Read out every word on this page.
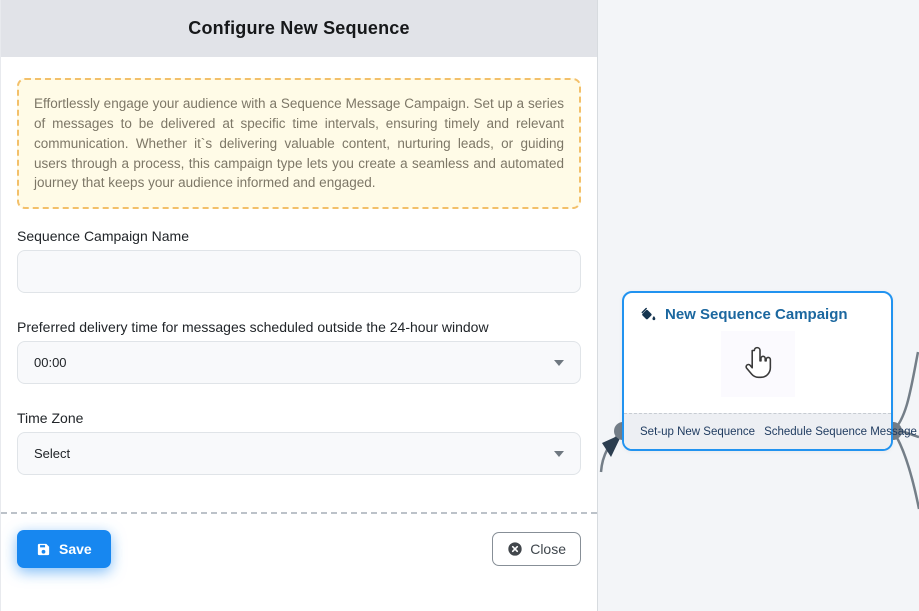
Configure New Sequence
Effortlessly engage your audience with a Sequence Message Campaign. Set up a series of messages to be delivered at specific time intervals, ensuring timely and relevant communication. Whether it`s delivering valuable content, nurturing leads, or guiding users through a process, this campaign type lets you create a seamless and automated journey that keeps your audience informed and engaged.
Sequence Campaign Name
Preferred delivery time for messages scheduled outside the 24-hour window
00:00
Time Zone
Select
Save	Close
New Sequence Campaign
Set-up New Sequence Schedule Sequence Message
